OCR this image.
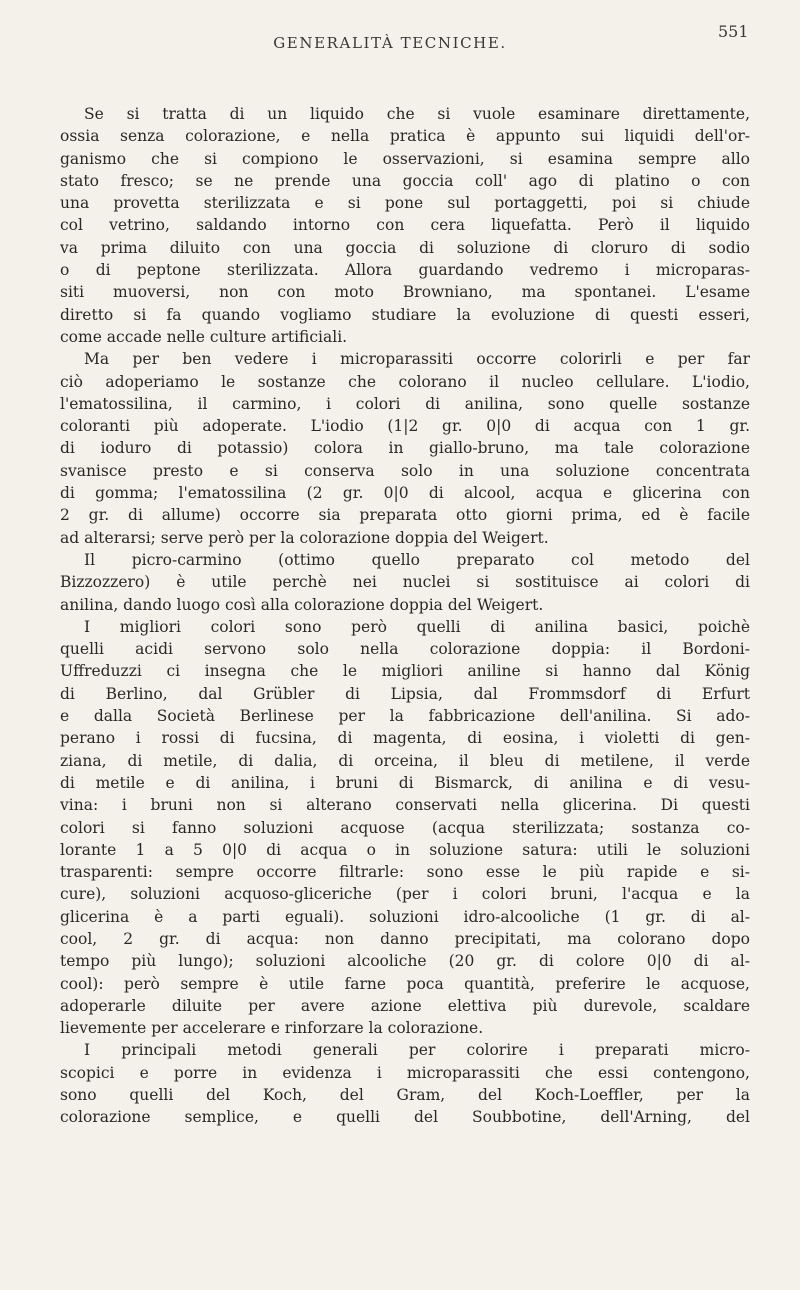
GENERALITÀ TECNICHE.
551
Se si tratta di un liquido che si vuole esaminare direttamente,
ossia senza colorazione, e nella pratica è appunto sui liquidi dell'or-
ganismo che si compiono le osservazioni, si esamina sempre allo
stato fresco; se ne prende una goccia coll' ago di platino o con
una provetta sterilizzata e si pone sul portaggetti, poi si chiude
col vetrino, saldando intorno con cera liquefatta. Però il liquido
va prima diluito con una goccia di soluzione di cloruro di sodio
o di peptone sterilizzata. Allora guardando vedremo i microparas-
siti muoversi, non con moto Browniano, ma spontanei. L'esame
diretto si fa quando vogliamo studiare la evoluzione di questi esseri,
come accade nelle culture artificiali.
Ma per ben vedere i microparassiti occorre colorirli e per far
ciò adoperiamo le sostanze che colorano il nucleo cellulare. L'iodio,
l'ematossilina, il carmino, i colori di anilina, sono quelle sostanze
coloranti più adoperate. L'iodio (1|2 gr. 0|0 di acqua con 1 gr.
di ioduro di potassio) colora in giallo-bruno, ma tale colorazione
svanisce presto e si conserva solo in una soluzione concentrata
di gomma; l'ematossilina (2 gr. 0|0 di alcool, acqua e glicerina con
2 gr. di allume) occorre sia preparata otto giorni prima, ed è facile
ad alterarsi; serve però per la colorazione doppia del Weigert.
Il picro-carmino (ottimo quello preparato col metodo del
Bizzozzero) è utile perchè nei nuclei si sostituisce ai colori di
anilina, dando luogo così alla colorazione doppia del Weigert.
I migliori colori sono però quelli di anilina basici, poichè
quelli acidi servono solo nella colorazione doppia: il Bordoni-
Uffreduzzi ci insegna che le migliori aniline si hanno dal König
di Berlino, dal Grübler di Lipsia, dal Frommsdorf di Erfurt
e dalla Società Berlinese per la fabbricazione dell'anilina. Si ado-
perano i rossi di fucsina, di magenta, di eosina, i violetti di gen-
ziana, di metile, di dalia, di orceina, il bleu di metilene, il verde
di metile e di anilina, i bruni di Bismarck, di anilina e di vesu-
vina: i bruni non si alterano conservati nella glicerina. Di questi
colori si fanno soluzioni acquose (acqua sterilizzata; sostanza co-
lorante 1 a 5 0|0 di acqua o in soluzione satura: utili le soluzioni
trasparenti: sempre occorre filtrarle: sono esse le più rapide e si-
cure), soluzioni acquoso-gliceriche (per i colori bruni, l'acqua e la
glicerina è a parti eguali). soluzioni idro-alcooliche (1 gr. di al-
cool, 2 gr. di acqua: non danno precipitati, ma colorano dopo
tempo più lungo); soluzioni alcooliche (20 gr. di colore 0|0 di al-
cool): però sempre è utile farne poca quantità, preferire le acquose,
adoperarle diluite per avere azione elettiva più durevole, scaldare
lievemente per accelerare e rinforzare la colorazione.
I principali metodi generali per colorire i preparati micro-
scopici e porre in evidenza i microparassiti che essi contengono,
sono quelli del Koch, del Gram, del Koch-Loeffler, per la
colorazione semplice, e quelli del Soubbotine, dell'Arning, del
